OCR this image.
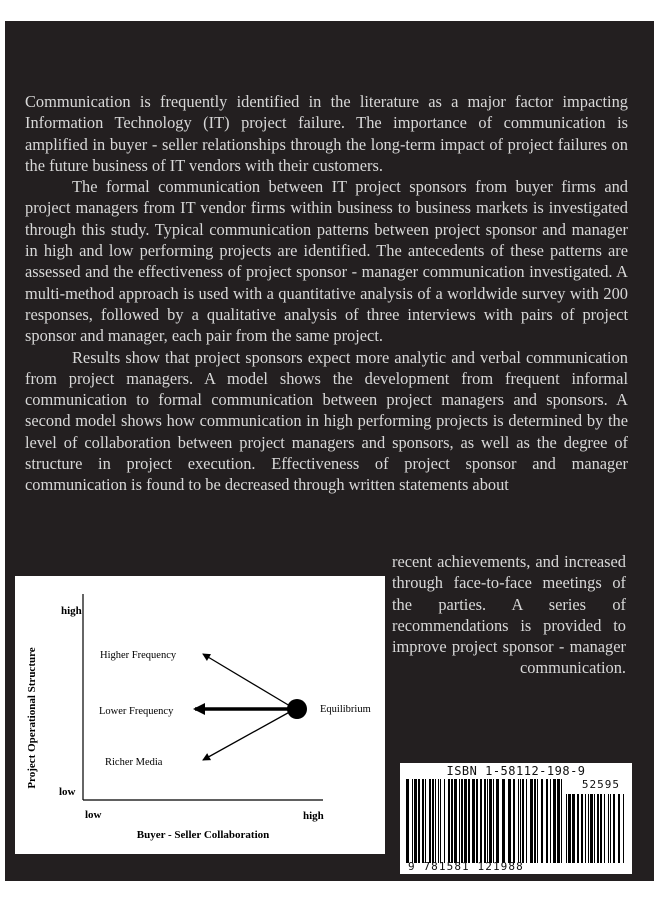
Communication is frequently identified in the literature as a major factor impacting Information Technology (IT) project failure. The importance of communication is amplified in buyer - seller relationships through the long-term impact of project failures on the future business of IT vendors with their customers.

The formal communication between IT project sponsors from buyer firms and project managers from IT vendor firms within business to business markets is investigated through this study. Typical communication patterns between project sponsor and manager in high and low performing projects are identified. The antecedents of these patterns are assessed and the effectiveness of project sponsor - manager communication investigated. A multi-method approach is used with a quantitative analysis of a worldwide survey with 200 responses, followed by a qualitative analysis of three interviews with pairs of project sponsor and manager, each pair from the same project.

Results show that project sponsors expect more analytic and verbal communication from project managers. A model shows the development from frequent informal communication to formal communication between project managers and sponsors. A second model shows how communication in high performing projects is determined by the level of collaboration between project managers and sponsors, as well as the degree of structure in project execution. Effectiveness of project sponsor and manager communication is found to be decreased through written statements about

recent achievements, and increased through face-to-face meetings of the parties. A series of recommendations is provided to improve project sponsor - manager communication.
Project Operational Structure
Buyer - Seller Collaboration
high
low
low	high
Higher Frequency
Lower Frequency
Richer Media
Equilibrium
ISBN 1-58112-198-9
52595
9 781581 121988
